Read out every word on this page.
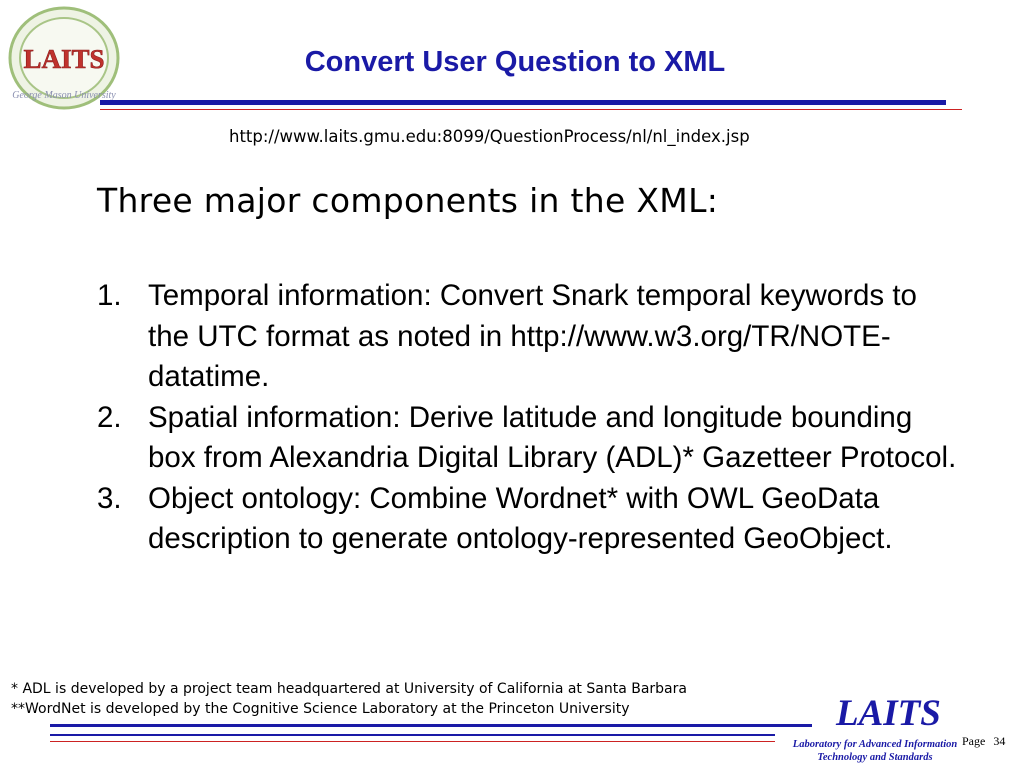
LAITS
George Mason University
Convert User Question to XML
http://www.laits.gmu.edu:8099/QuestionProcess/nl/nl_index.jsp
Three major components in the XML:
1. Temporal information: Convert Snark temporal keywords to the UTC format as noted in http://www.w3.org/TR/NOTE-datatime.
2. Spatial information: Derive latitude and longitude bounding box from Alexandria Digital Library (ADL)* Gazetteer Protocol.
3. Object ontology: Combine Wordnet* with OWL GeoData description to generate ontology-represented GeoObject.
* ADL is developed by a project team headquartered at University of California at Santa Barbara
**WordNet is developed by the Cognitive Science Laboratory at the Princeton University	LAITS
Laboratory for Advanced Information
Technology and Standards
Page 34
